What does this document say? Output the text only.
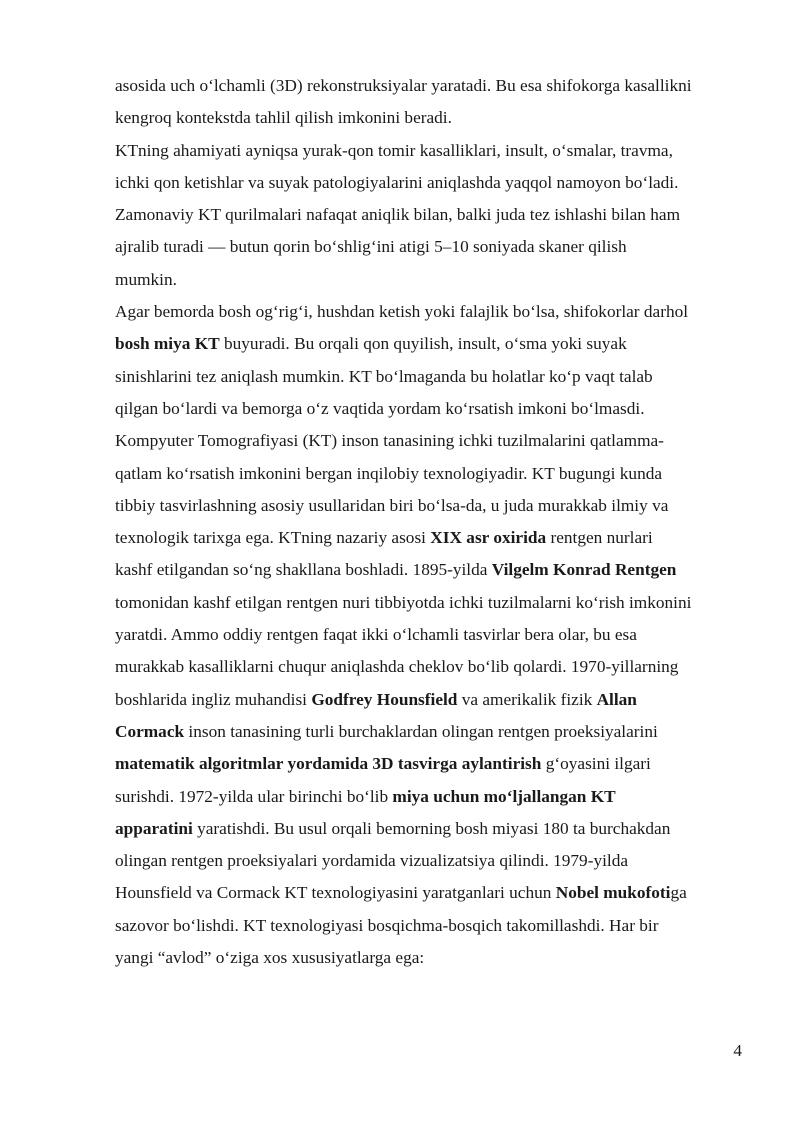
asosida uch o‘lchamli (3D) rekonstruksiyalar yaratadi. Bu esa shifokorga kasallikni
kengroq kontekstda tahlil qilish imkonini beradi.
KTning ahamiyati ayniqsa yurak-qon tomir kasalliklari, insult, o‘smalar, travma,
ichki qon ketishlar va suyak patologiyalarini aniqlashda yaqqol namoyon bo‘ladi.
Zamonaviy KT qurilmalari nafaqat aniqlik bilan, balki juda tez ishlashi bilan ham
ajralib turadi — butun qorin bo‘shlig‘ini atigi 5–10 soniyada skaner qilish
mumkin.
Agar bemorda bosh og‘rig‘i, hushdan ketish yoki falajlik bo‘lsa, shifokorlar darhol
bosh miya KT buyuradi. Bu orqali qon quyilish, insult, o‘sma yoki suyak
sinishlarini tez aniqlash mumkin. KT bo‘lmaganda bu holatlar ko‘p vaqt talab
qilgan bo‘lardi va bemorga o‘z vaqtida yordam ko‘rsatish imkoni bo‘lmasdi.
Kompyuter Tomografiyasi (KT) inson tanasining ichki tuzilmalarini qatlamma-
qatlam ko‘rsatish imkonini bergan inqilobiy texnologiyadir. KT bugungi kunda
tibbiy tasvirlashning asosiy usullaridan biri bo‘lsa-da, u juda murakkab ilmiy va
texnologik tarixga ega. KTning nazariy asosi XIX asr oxirida rentgen nurlari
kashf etilgandan so‘ng shakllana boshladi. 1895-yilda Vilgelm Konrad Rentgen
tomonidan kashf etilgan rentgen nuri tibbiyotda ichki tuzilmalarni ko‘rish imkonini
yaratdi. Ammo oddiy rentgen faqat ikki o‘lchamli tasvirlar bera olar, bu esa
murakkab kasalliklarni chuqur aniqlashda cheklov bo‘lib qolardi. 1970-yillarning
boshlarida ingliz muhandisi Godfrey Hounsfield va amerikalik fizik Allan
Cormack inson tanasining turli burchaklardan olingan rentgen proeksiyalarini
matematik algoritmlar yordamida 3D tasvirga aylantirish g‘oyasini ilgari
surishdi. 1972-yilda ular birinchi bo‘lib miya uchun mo‘ljallangan KT
apparatini yaratishdi. Bu usul orqali bemorning bosh miyasi 180 ta burchakdan
olingan rentgen proeksiyalari yordamida vizualizatsiya qilindi. 1979-yilda
Hounsfield va Cormack KT texnologiyasini yaratganlari uchun Nobel mukofotiga
sazovor bo‘lishdi. KT texnologiyasi bosqichma-bosqich takomillashdi. Har bir
yangi “avlod” o‘ziga xos xususiyatlarga ega:
4
